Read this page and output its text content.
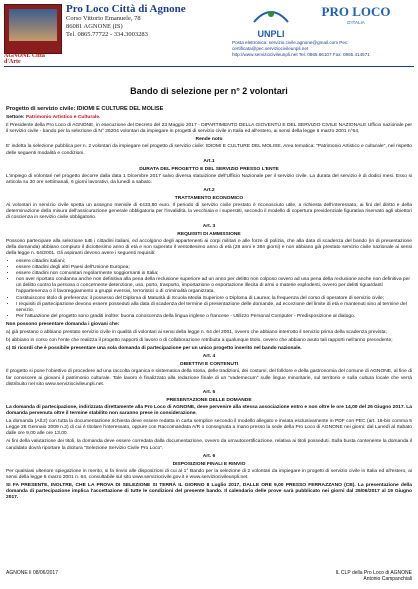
AGNONE Città d'Arte
Pro Loco Città di Agnone
Corso Vittorio Emanuele, 78
86081 AGNONE (IS)
Tel. 0865.77722 - 334.3003283	UNPLI
PRO LOCO
D'ITALIA
Posta elettronica: servizio.civile.agnone@gmail.com Pec: certificata@pec.serviziocivileunpli.net
http://www.serviziocivileunpli.net Tel. 0865.66107 Fax: 0865.414571
Bando di selezione per n° 2 volontari

Progetto di servizio civile: IDIOMI E CULTURE DEL MOLISE

Settore: Patrimonio Artistico e Culturale.

Il Presidente della Pro Loco di AGNONE, in esecuzione del Decreto del 23 Maggio 2017 - DIPARTIMENTO DELLA GIOVENTÙ E DEL SERVIZIO CIVILE NAZIONALE Ufficio nazionale per il servizio civile - bando per la selezione di N° 26204 volontari da impiegare in progetti di servizio civile in Italia ed all'estero, ai sensi della legge 6 marzo 2001 n°64,

Rende noto

E' indetta la selezione pubblica per n. 2 volontari da impiegare nel progetto di servizio civile: IDIOMI E CULTURE DEL MOLISE. Area tematica: "Patrimonio Artistico e culturale", nel rispetto delle seguenti modalità e condizioni.

Art.1
DURATA DEL PROGETTO E DEL SERVIZIO PRESSO L'ENTE

L'impiego di volontari nel progetto decorre dalla data 1 Dicembre 2017 salvo diversa statuizione dell'Ufficio Nazionale per il servizio civile. La durata del servizio è di dodici mesi. Esso si articola su 30 ore settimanali, 6 giorni lavorativi, da lunedì a sabato.

Art.2
TRATTAMENTO ECONOMICO

Ai volontari in servizio civile spetta un assegno mensile di €433,80 euro. Il periodo di servizio civile prestato è riconosciuto utile, a richiesta dell'interessato, ai fini del diritto e della determinazione della misura dell'assicurazione generale obbligatoria per l'invalidità, la vecchiaia e i superstiti, secondo il modello di copertura previdenziale figurativa riservato agli obiettori di coscienza in servizio civile obbligatorio.

Art. 3
REQUISITI DI AMMISSIONE

Possono partecipare alla selezione tutti i cittadini italiani, ed accolgono degli appartenenti ai corpi militari e alle forze di polizia, che alla data di scadenza del bando (in di presentazione della domanda) abbiano compiuto il diciottesimo anno di età e non superato il ventottesimo anno di età (28 anni e 364 giorni) e non abbiano già prestato servizio civile nazionale ai sensi della legge n. 64/2001. Gli aspiranti devono avere i seguenti requisiti:

• essere cittadini italiani;
• essere cittadini degli altri Paesi dell'Unione Europea;
• essere cittadini non comunitari regolarmente soggiornanti in Italia;
• non aver riportato condanna anche non definitiva alla pena della reclusione superiore ad un anno per delitto non colposo ovvero ad una pena della reclusione anche non definitiva per un delitto contro la persona o concernente detenzione, uso, porto, trasporto, importazione o esportazione illecita di armi o materie esplodenti, ovvero per delitti riguardanti l'appartenenza o il favoreggiamento a gruppi eversivi, terroristici o di criminalità organizzata.
• Costituiscono titolo di preferenza: il possesso del Diploma di Maturità di Scuola Media Superiore o Diploma di Laurea; la frequenza del corso di operatore di servizio civile;
• I requisiti di partecipazione devono essere posseduti alla data di scadenza del termine di presentazione delle domande, ad eccezione del limite di età e mantenuti sino al termine del servizio.
• Per l'attuazione del progetto sono graditi inoltre: buona conoscenza della lingua inglese o francese - Utilizzo Personal Computer - Predisposizione al dialogo.

Non possono presentare domanda i giovani che:

a) già prestano o abbiano prestato servizio civile in qualità di volontari ai sensi della legge n. 64 del 2001, ovvero che abbiano interrotto il servizio prima della scadenza prevista;

b) abbiano in corso con l'ente che realizza il progetto rapporti di lavoro o di collaborazione retribuita a qualunque titolo, ovvero che abbiano avuto tali rapporti nell'anno precedente;

c) Si ricordi che è possibile presentare una sola domanda di partecipazione per un unico progetto inserito nel bando nazionale.

Art. 4
OBIETTIVI E CONTENUTI

Il progetto si pone l'obiettivo di procedere ad una raccolta organica e sistematica della storia, delle tradizioni, dei costumi, del folklore e della gastronomia del comune di AGNONE, al fine di far conoscere ai giovani il patrimonio culturale. Tale lavoro è finalizzato alla redazione finale di un "vademecum" sulle lingue minoritarie, sul territorio e sulla cultura locale che verrà distribuito nel sito www.serviziocivileunpli.net.

Art. 5
PRESENTAZIONE DELLE DOMANDE

La domanda di partecipazione, indirizzata direttamente alla Pro Loco di AGNONE, deve pervenire alla stessa associazione entro e non oltre le ore 14,00 del 26 Giugno 2017. La domanda pervenuta oltre il termine stabilito non saranno prese in considerazione.

La domanda (All.2) con tutta la documentazione richiesta deve essere redatta in carta semplice secondo il modello allegato e inviata esclusivamente in PDF con PEC (art. 16-bis comma 5 Legge 28 Gennaio 2009 n.2) di cui è titolare l'interessato, oppure con Raccomandata A/R o consegnata a mano presso la sede della Pro Loco di AGNONE nei giorni: dal Lunedì al Sabato dalle ore 9,00 alle ore 13,00.

Ai fini della valutazione dei titoli, la domanda deve essere corredata dalla documentazione, ovvero da un'autocertificazione, relativa ai titoli posseduti. Sulla busta contenente la domanda il candidato dovrà riportare la dicitura "Selezione Servizio Civile Pro Loco".

Art. 6
DISPOSIZIONI FINALI E RINVIO

Per qualsiasi ulteriore spiegazione in merito, si fa rinvio alle disposizioni di cui al 1° Bando per la selezione di 2 volontari da impiegare in progetti di servizio civile in Italia ed all'estero, ai sensi della legge 6 marzo 2001 n. 64, consultabile sul sito www.serviziocivile.gov.it e www.serviziocivileunpli.net.

SI FA PRESENTE, INOLTRE, CHE LA PROVA DI SELEZIONE SI TERRÀ IL GIORNO 8 Luglio 2017, DALLE ORE 9,00 PRESSO FERRAZZANO (CB). La presentazione della domanda di partecipazione implica l'accettazione di tutte le condizioni del presente bando. Il calendario delle prove sarà pubblicato nei giorni dal 26/06/2017 al 19 Giugno 2017.

AGNONE lì 08/06/2017	IL CLP della Pro Loco di AGNONE
Antonio Campanchiali
